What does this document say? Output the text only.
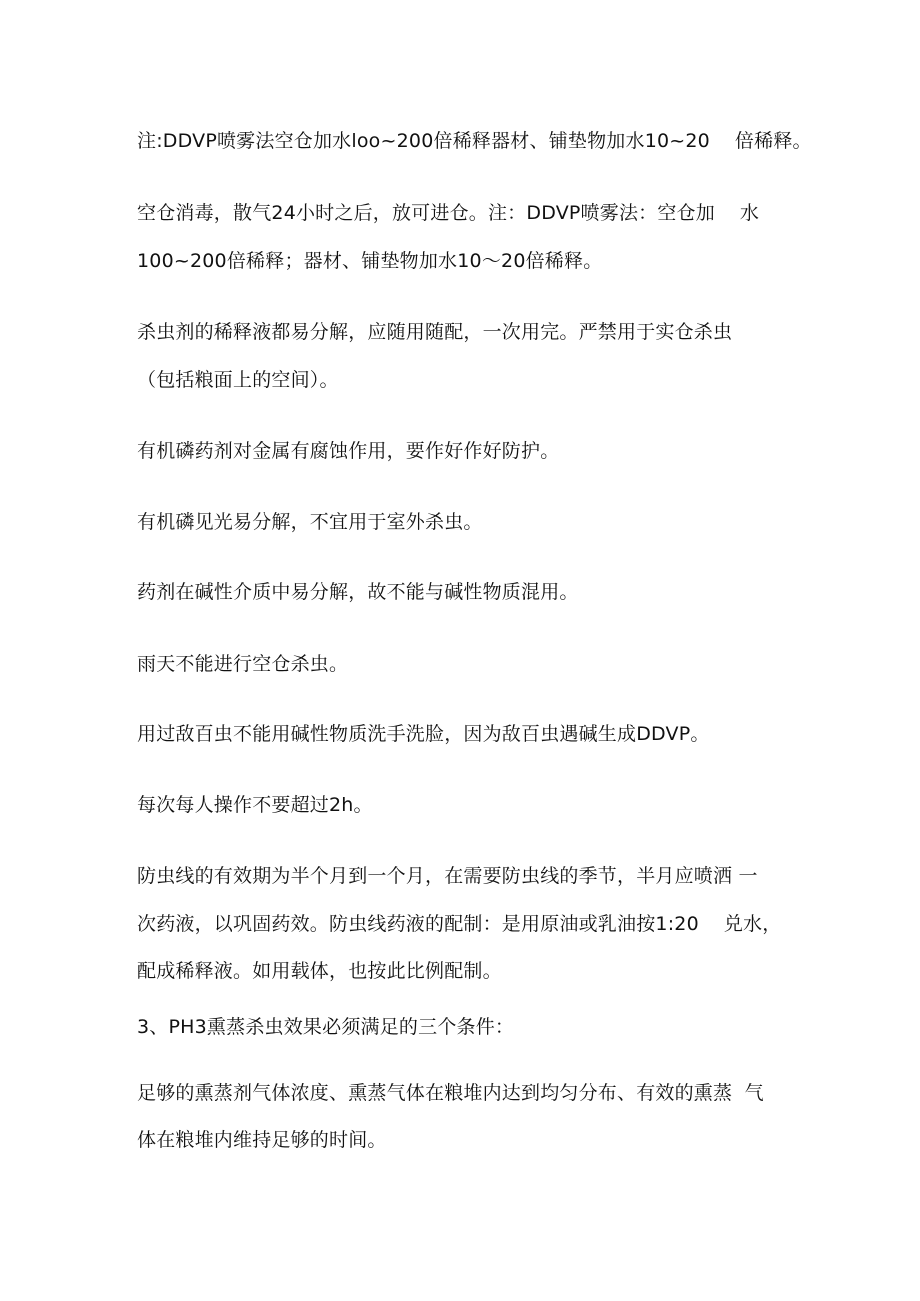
注:DDVP喷雾法空仓加水loo~200倍稀释器材、铺垫物加水10~20    倍稀释。
空仓消毒，散气24小时之后，放可进仓。注：DDVP喷雾法：空仓加    水
100~200倍稀释；器材、铺垫物加水10～20倍稀释。
杀虫剂的稀释液都易分解，应随用随配，一次用完。严禁用于实仓杀虫
（包括粮面上的空间）。
有机磷药剂对金属有腐蚀作用，要作好作好防护。
有机磷见光易分解，不宜用于室外杀虫。
药剂在碱性介质中易分解，故不能与碱性物质混用。
雨天不能进行空仓杀虫。
用过敌百虫不能用碱性物质洗手洗脸，因为敌百虫遇碱生成DDVP。
每次每人操作不要超过2h。
防虫线的有效期为半个月到一个月，在需要防虫线的季节，半月应喷洒 一
次药液，以巩固药效。防虫线药液的配制：是用原油或乳油按1:20    兑水，
配成稀释液。如用载体，也按此比例配制。
3、PH3熏蒸杀虫效果必须满足的三个条件：
足够的熏蒸剂气体浓度、熏蒸气体在粮堆内达到均匀分布、有效的熏蒸  气
体在粮堆内维持足够的时间。
